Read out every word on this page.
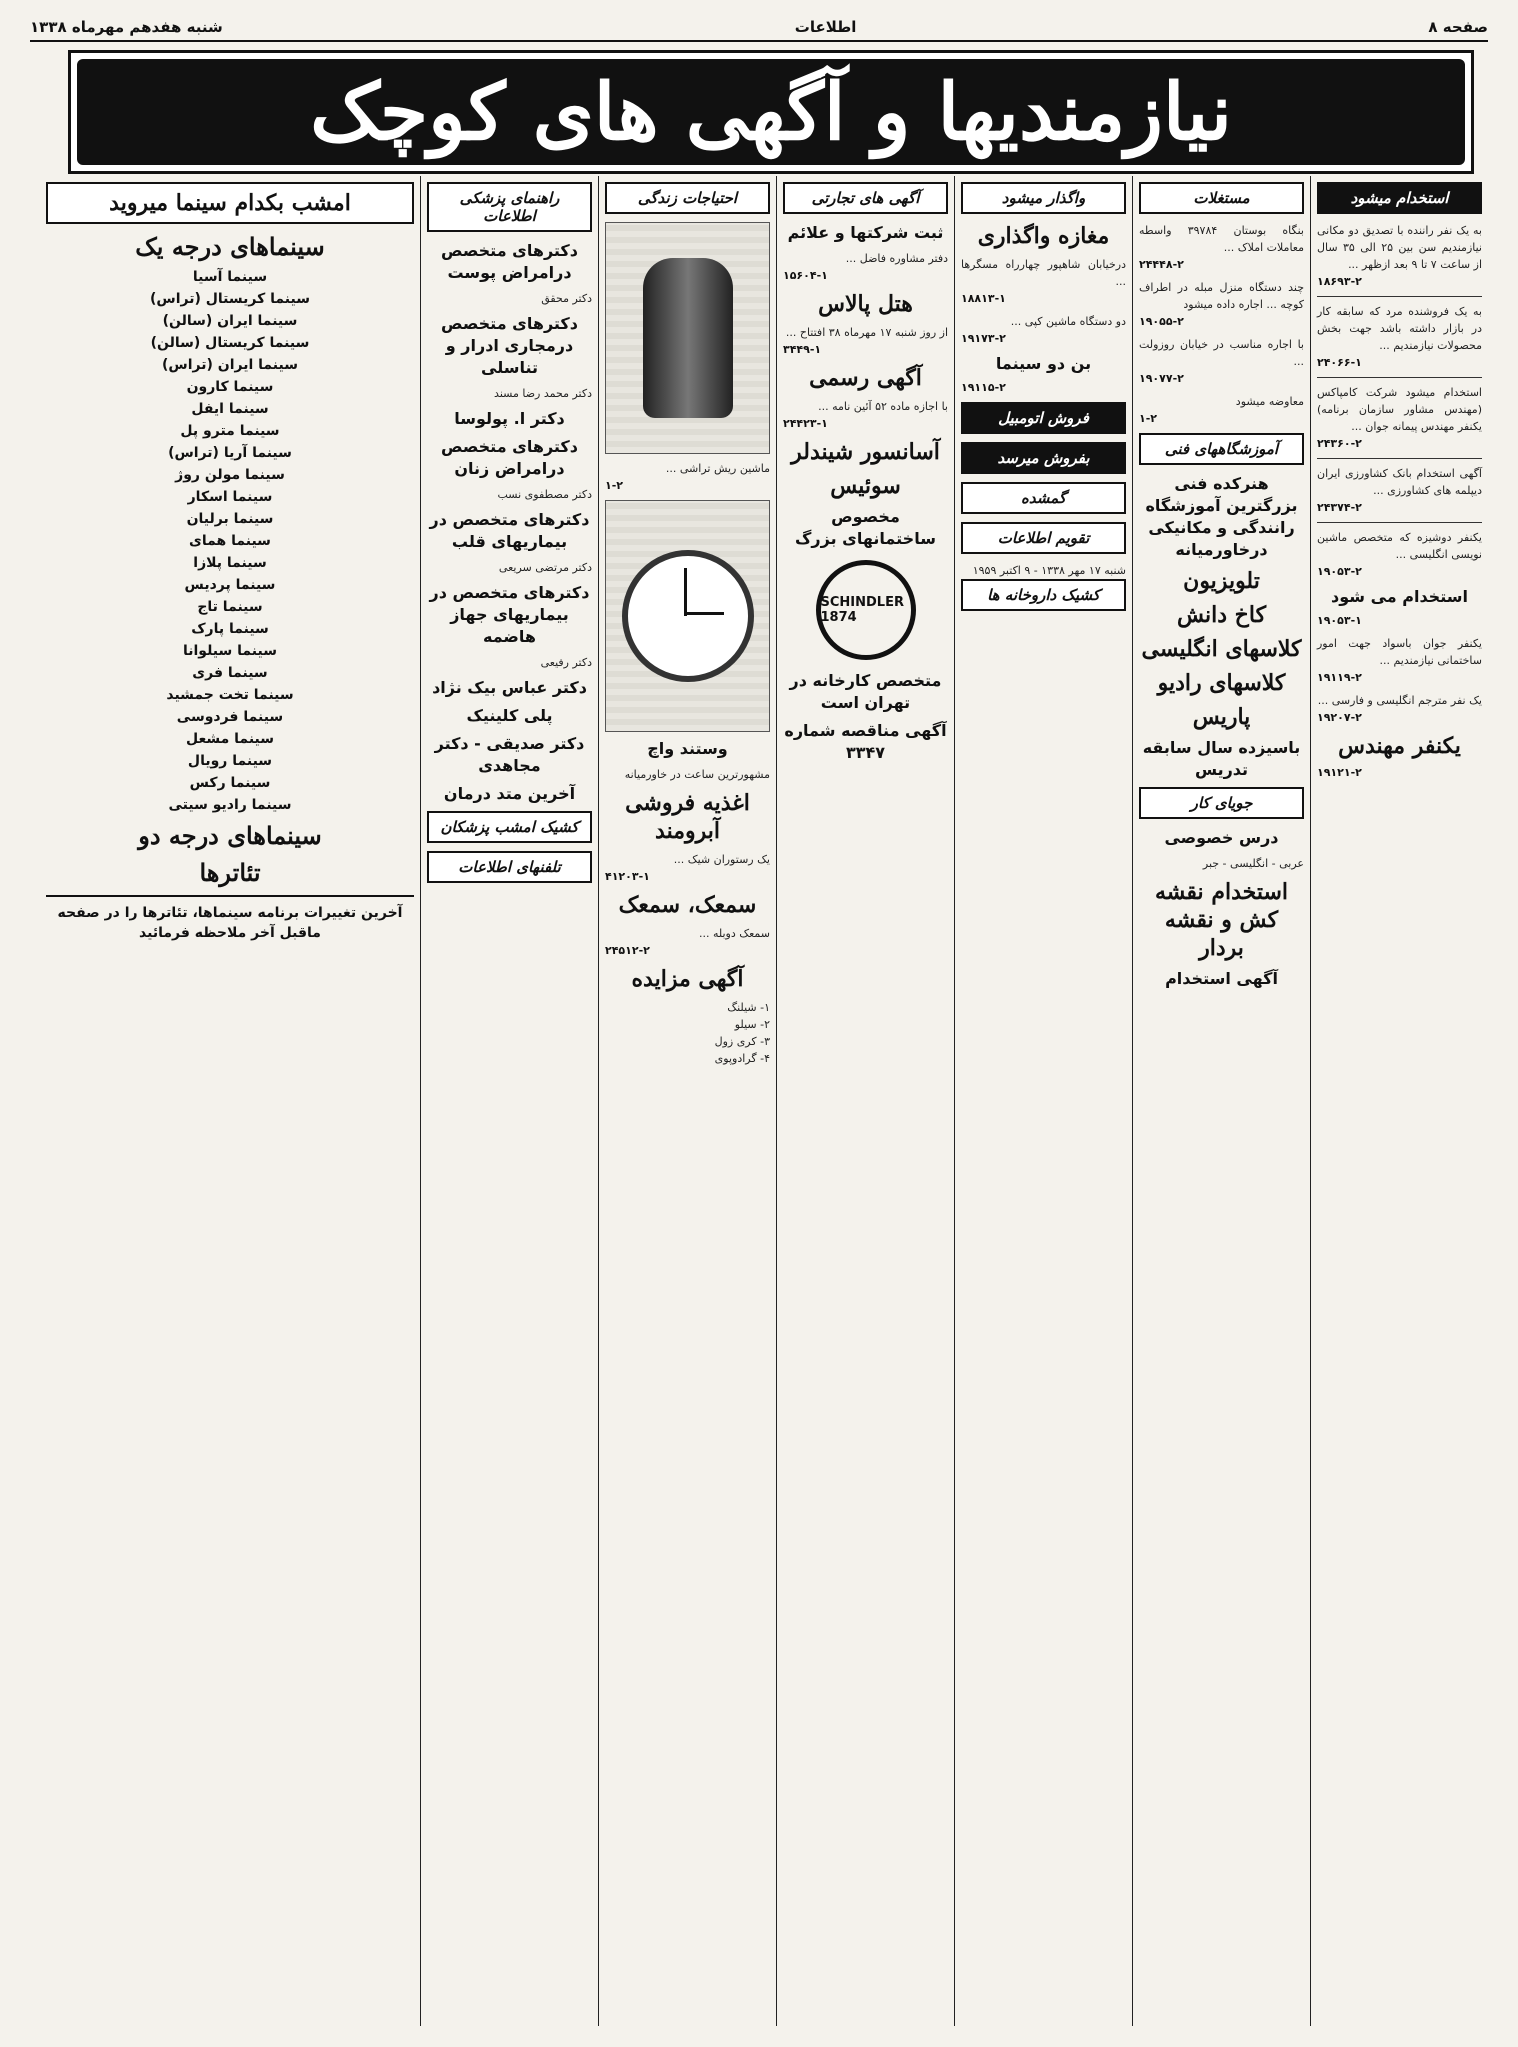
صفحه ۸
اطلاعات
شنبه هفدهم مهرماه ۱۳۳۸
نیازمندیها و آگهی های کوچک
استخدام میشود
به یک نفر راننده با تصدیق دو مکانی نیازمندیم سن بین ۲۵ الی ۳۵ سال از ساعت ۷ تا ۹ بعد ازظهر ...
۱۸۶۹۳-۲
به یک فروشنده مرد که سابقه کار در بازار داشته باشد جهت بخش محصولات نیازمندیم ...
۲۴۰۶۶-۱
استخدام میشود شرکت کامپاکس (مهندس مشاور سازمان برنامه) یکنفر مهندس پیمانه جوان ...
۲۴۳۶۰-۲
آگهی استخدام بانک کشاورزی ایران دیپلمه های کشاورزی ...
۲۴۳۷۴-۲
یکنفر دوشیزه که متخصص ماشین نویسی انگلیسی ...
۱۹۰۵۳-۲
استخدام می شود
۱۹۰۵۳-۱
یکنفر جوان باسواد جهت امور ساختمانی نیازمندیم ...
۱۹۱۱۹-۲
یک نفر مترجم انگلیسی و فارسی ...
۱۹۲۰۷-۲
یکنفر مهندس
۱۹۱۲۱-۲
مستغلات
بنگاه بوستان ۳۹۷۸۴ واسطه معاملات املاک ...
۲۴۴۴۸-۲
چند دستگاه منزل مبله در اطراف کوچه ... اجاره داده میشود
۱۹۰۵۵-۲
با اجاره مناسب در خیابان روزولت ...
۱۹۰۷۷-۲
معاوضه میشود
۱-۲
آموزشگاههای فنی
هنرکده فنی بزرگترین آموزشگاه رانندگی و مکانیکی درخاورمیانه
تلویزیون
کاخ دانش
کلاسهای انگلیسی
کلاسهای رادیو
پاریس
باسیزده سال سابقه تدریس
جویای کار
درس خصوصی
عربی - انگلیسی - جبر
استخدام نقشه کش و نقشه بردار
آگهی استخدام
واگذار میشود
مغازه واگذاری
درخیابان شاهپور چهارراه مسگرها ...
۱۸۸۱۳-۱
دو دستگاه ماشین کپی ...
۱۹۱۷۳-۲
بن دو سینما
۱۹۱۱۵-۲
فروش اتومبیل
بفروش میرسد
گمشده
تقویم اطلاعات
شنبه ۱۷ مهر ۱۳۳۸ - ۹ اکتبر ۱۹۵۹
کشیک داروخانه ها
آگهی های تجارتی
ثبت شرکتها و علائم
دفتر مشاوره فاضل ...
۱۵۶۰۴-۱
هتل پالاس
از روز شنبه ۱۷ مهرماه ۳۸ افتتاح ...
۳۴۴۹-۱
آگهی رسمی
با اجازه ماده ۵۲ آئین نامه ...
۲۴۴۲۳-۱
آسانسور شیندلر
سوئیس
مخصوص ساختمانهای بزرگ
SCHINDLER 1874
متخصص کارخانه در تهران است
آگهی مناقصه شماره ۳۳۴۷
احتیاجات زندگی
ماشین ریش تراشی ...
۱-۲
وستند واچ
مشهورترین ساعت در خاورمیانه
اغذیه فروشی آبرومند
یک رستوران شیک ...
۴۱۲۰۳-۱
سمعک، سمعک
سمعک دوبله ...
۲۴۵۱۲-۲
آگهی مزایده
۱- شیلنگ
۲- سیلو
۳- کری زول
۴- گرادوپوی
راهنمای پزشکی اطلاعات
دکترهای متخصص درامراض پوست
دکتر محقق
دکترهای متخصص درمجاری ادرار و تناسلی
دکتر محمد رضا مسند
دکتر ا. پولوسا
دکترهای متخصص درامراض زنان
دکتر مصطفوی نسب
دکترهای متخصص در بیماریهای قلب
دکتر مرتضی سریعی
دکترهای متخصص در بیماریهای جهاز هاضمه
دکتر رفیعی
دکتر عباس بیک نژاد
پلی کلینیک
دکتر صدیقی - دکتر مجاهدی
آخرین متد درمان
کشیک امشب پزشکان
تلفنهای اطلاعات
امشب بکدام سینما میروید
سینماهای درجه یک
سینما آسیا
سینما کریستال (تراس)
سینما ایران (سالن)
سینما کریستال (سالن)
سینما ایران (تراس)
سینما کارون
سینما ایفل
سینما مترو پل
سینما آریا (تراس)
سینما مولن روژ
سینما اسکار
سینما برلیان
سینما همای
سینما پلازا
سینما پردیس
سینما تاج
سینما پارک
سینما سیلوانا
سینما فری
سینما تخت جمشید
سینما فردوسی
سینما مشعل
سینما رویال
سینما رکس
سینما رادیو سیتی
سینماهای درجه دو
تئاترها
آخرین تغییرات برنامه سینماها، تئاترها را در صفحه ماقبل آخر ملاحظه فرمائید
